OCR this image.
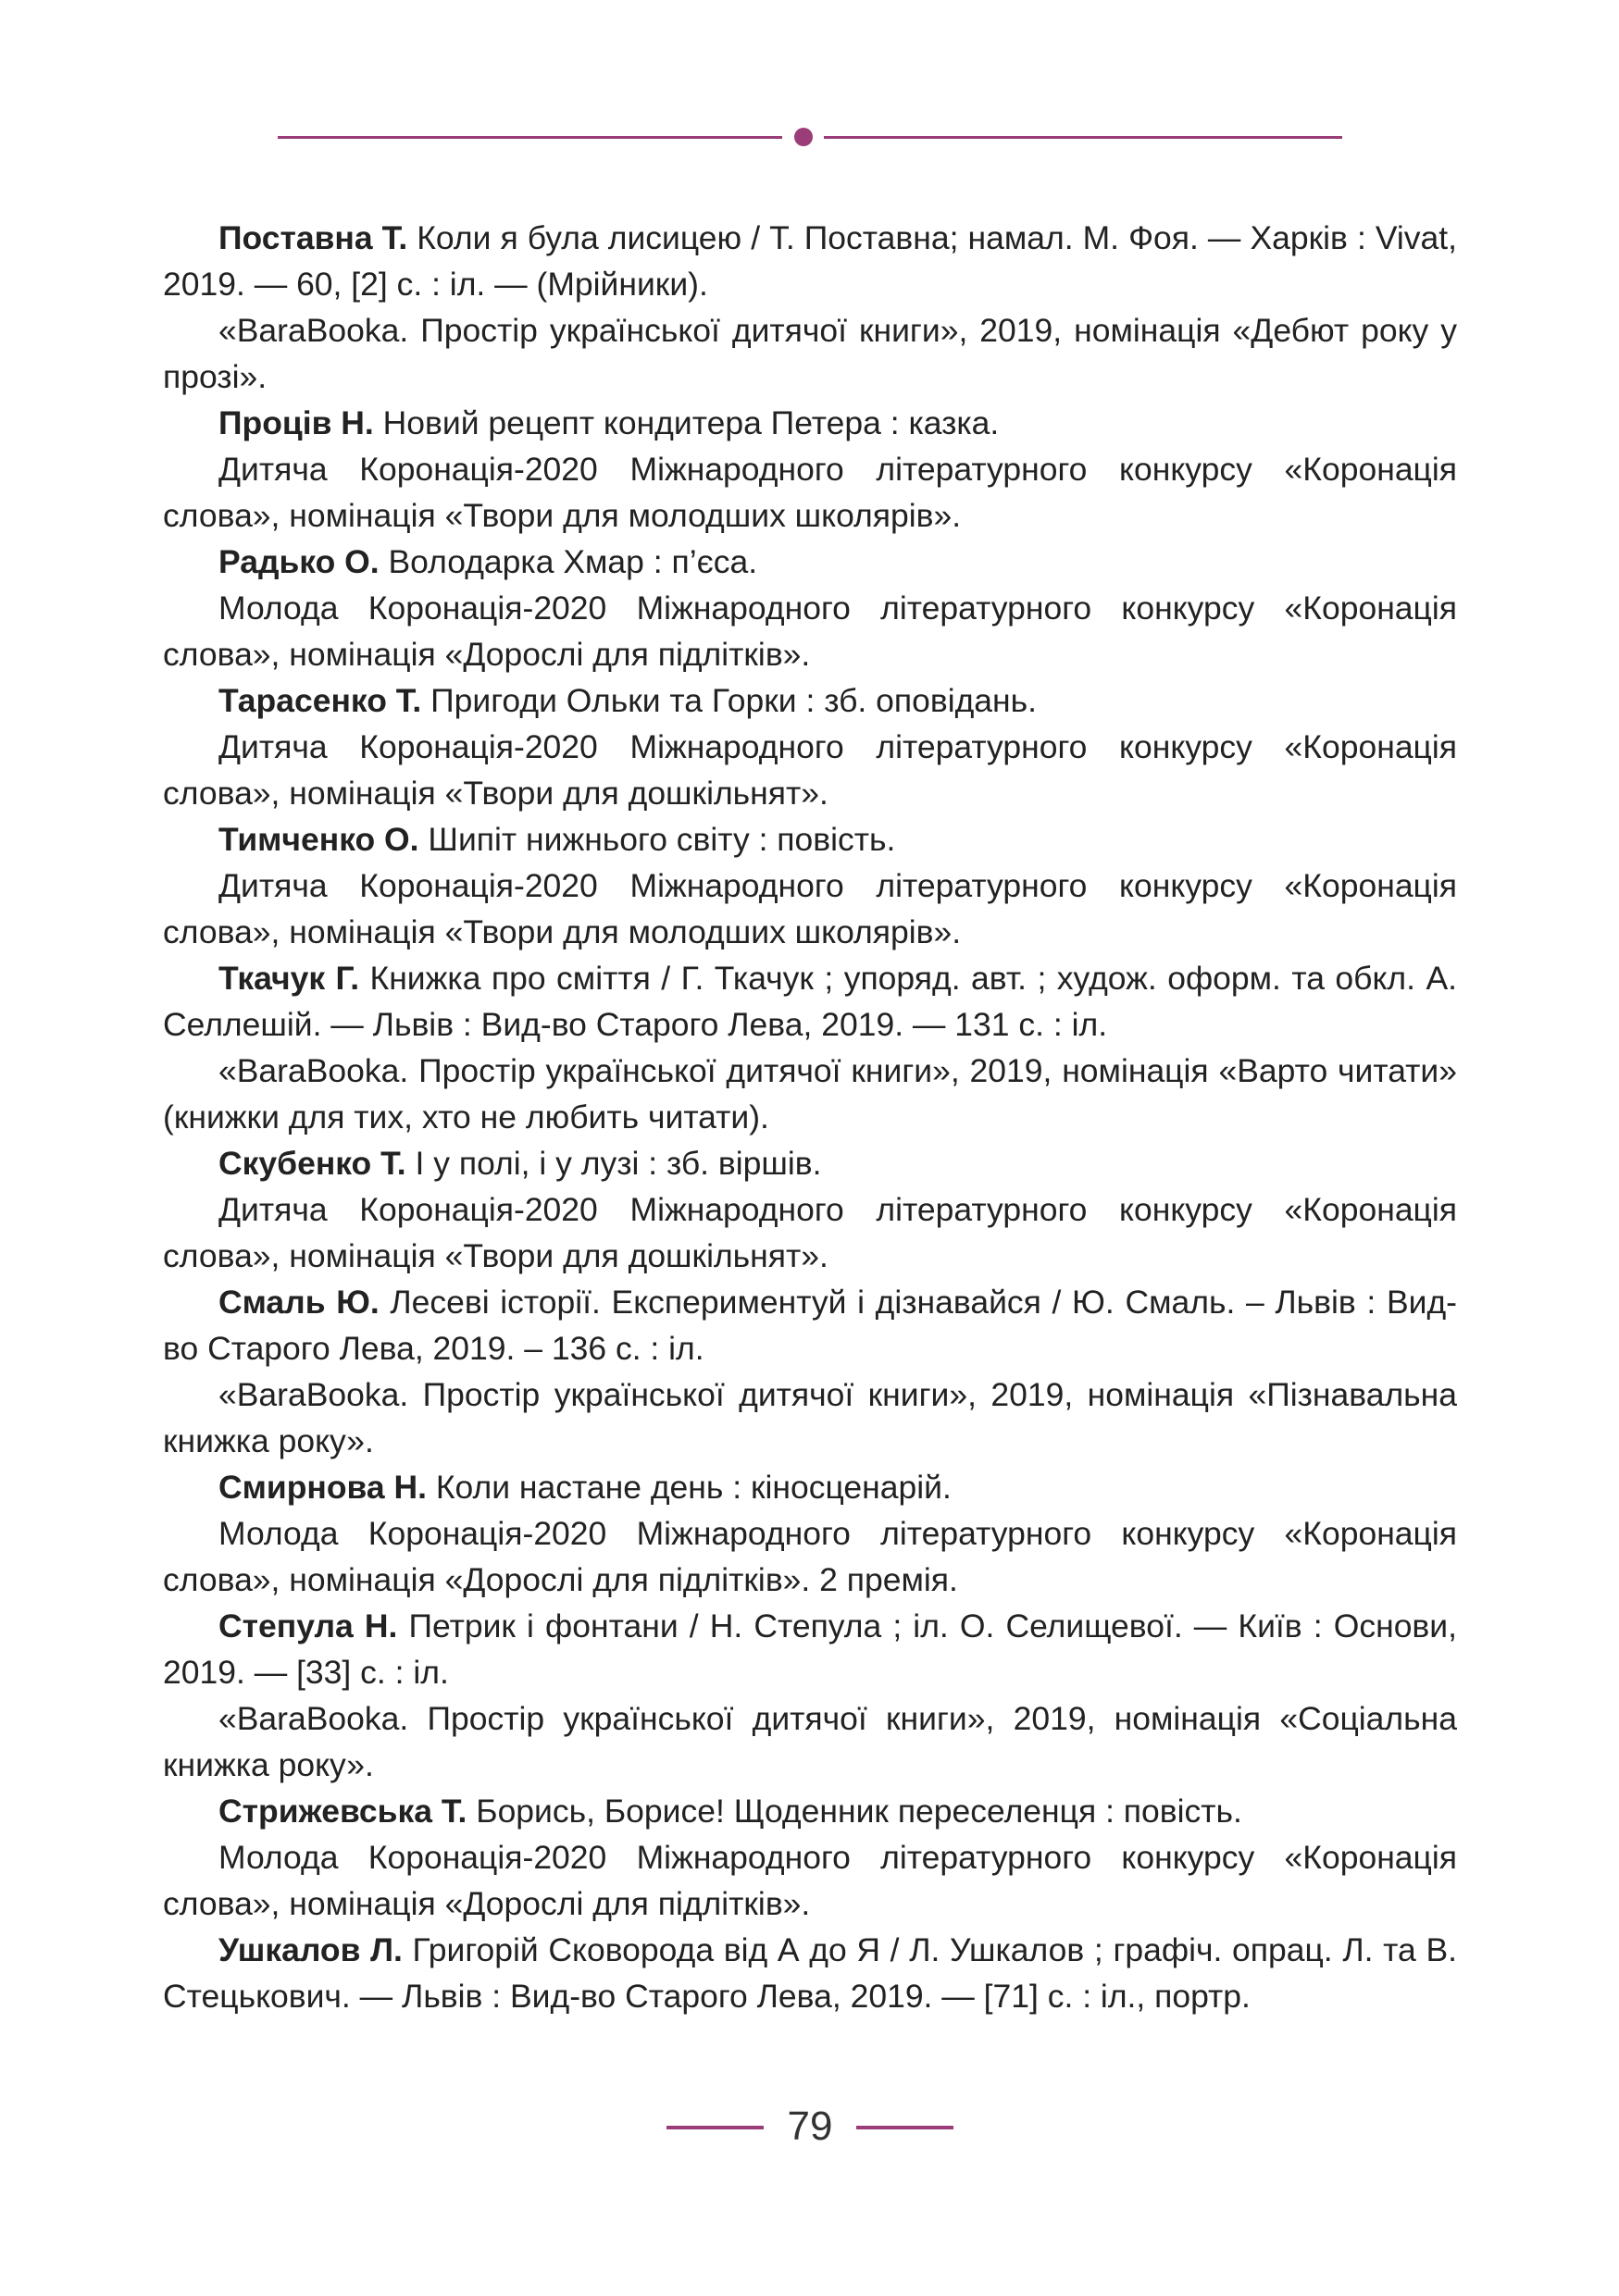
Поставна Т. Коли я була лисицею / Т. Поставна; намал. М. Фоя. — Харків : Vivat, 2019. — 60, [2] с. : іл. — (Мрійники).

«BaraBooka. Простір української дитячої книги», 2019, номінація «Дебют року у прозі».

Проців Н. Новий рецепт кондитера Петера : казка.

Дитяча Коронація-2020 Міжнародного літературного конкурсу «Коронація слова», номінація «Твори для молодших школярів».

Радько О. Володарка Хмар : п’єса.

Молода Коронація-2020 Міжнародного літературного конкурсу «Коронація слова», номінація «Дорослі для підлітків».

Тарасенко Т. Пригоди Ольки та Горки : зб. оповідань.

Дитяча Коронація-2020 Міжнародного літературного конкурсу «Коронація слова», номінація «Твори для дошкільнят».

Тимченко О. Шипіт нижнього світу : повість.

Дитяча Коронація-2020 Міжнародного літературного конкурсу «Коронація слова», номінація «Твори для молодших школярів».

Ткачук Г. Книжка про сміття / Г. Ткачук ; упоряд. авт. ; худож. оформ. та обкл. А. Селлешій. — Львів : Вид-во Старого Лева, 2019. — 131 с. : іл.

«BaraBooka. Простір української дитячої книги», 2019, номінація «Варто читати» (книжки для тих, хто не любить читати).

Скубенко Т. І у полі, і у лузі : зб. віршів.

Дитяча Коронація-2020 Міжнародного літературного конкурсу «Коронація слова», номінація «Твори для дошкільнят».

Смаль Ю. Лесеві історії. Експериментуй і дізнавайся / Ю. Смаль. – Львів : Вид-во Старого Лева, 2019. – 136 с. : іл.

«BaraBooka. Простір української дитячої книги», 2019, номінація «Пізнавальна книжка року».

Смирнова Н. Коли настане день : кіносценарій.

Молода Коронація-2020 Міжнародного літературного конкурсу «Коронація слова», номінація «Дорослі для підлітків». 2 премія.

Степула Н. Петрик і фонтани / Н. Степула ; іл. О. Селищевої. — Київ : Основи, 2019. — [33] с. : іл.

«BaraBooka. Простір української дитячої книги», 2019, номінація «Соціальна книжка року».

Стрижевська Т. Борись, Борисе! Щоденник переселенця : повість.

Молода Коронація-2020 Міжнародного літературного конкурсу «Коронація слова», номінація «Дорослі для підлітків».

Ушкалов Л. Григорій Сковорода від А до Я / Л. Ушкалов ; графіч. опрац. Л. та В. Стецькович. — Львів : Вид-во Старого Лева, 2019. — [71] с. : іл., портр.

79
